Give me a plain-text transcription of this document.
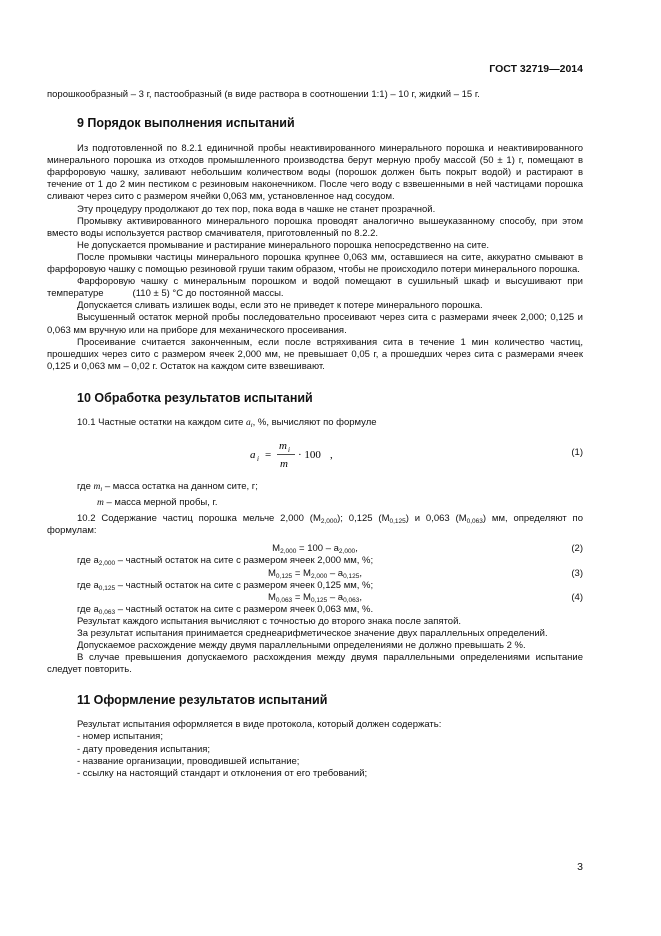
ГОСТ 32719—2014

порошкообразный – 3 г, пастообразный (в виде раствора в соотношении 1:1) – 10 г, жидкий – 15 г.

9 Порядок выполнения испытаний

Из подготовленной по 8.2.1 единичной пробы неактивированного минерального порошка и неактивированного минерального порошка из отходов промышленного производства берут мерную пробу массой (50 ± 1) г, помещают в фарфоровую чашку, заливают небольшим количеством воды (порошок должен быть покрыт водой) и растирают в течение от 1 до 2 мин пестиком с резиновым наконечником. После чего воду с взвешенными в ней частицами порошка сливают через сито с размером ячейки 0,063 мм, установленное над сосудом.

Эту процедуру продолжают до тех пор, пока вода в чашке не станет прозрачной.

Промывку активированного минерального порошка проводят аналогично вышеуказанному способу, при этом вместо воды используется раствор смачивателя, приготовленный по 8.2.2.

Не допускается промывание и растирание минерального порошка непосредственно на сите.

После промывки частицы минерального порошка крупнее 0,063 мм, оставшиеся на сите, аккуратно смывают в фарфоровую чашку с помощью резиновой груши таким образом, чтобы не происходило потери минерального порошка.

Фарфоровую чашку с минеральным порошком и водой помещают в сушильный шкаф и высушивают при температуре           (110 ± 5) °С до постоянной массы.

Допускается сливать излишек воды, если это не приведет к потере минерального порошка.

Высушенный остаток мерной пробы последовательно просеивают через сита с размерами ячеек 2,000; 0,125 и 0,063 мм вручную или на приборе для механического просеивания.

Просеивание считается законченным, если после встряхивания сита в течение 1 мин количество частиц, прошедших через сито с размером ячеек 2,000 мм, не превышает 0,05 г, а прошедших через сита с размерами ячеек 0,125 и 0,063 мм – 0,02 г. Остаток на каждом сите взвешивают.

10 Обработка результатов испытаний

10.1 Частные остатки на каждом сите $a_i$, %, вычисляют по формуле

a i =
m i
m
· 100 ,	(1)

где $m_i$ – масса остатка на данном сите, г;

m – масса мерной пробы, г.

10.2 Содержание частиц порошка мельче 2,000 $(М_{2,000})$; 0,125 $(М_{0,125})$ и 0,063 $(М_{0,063})$ мм, определяют по формулам:

$M_{2,000} = 100 - a_{2,000}$,	(2)

где $a_{2,000}$ – частный остаток на сите с размером ячеек 2,000 мм, %;

$M_{0,125} = M_{2,000} - a_{0,125}$,	(3)

где $a_{0,125}$ – частный остаток на сите с размером ячеек 0,125 мм, %;

$M_{0,063} = M_{0,125} - a_{0,063}$,	(4)

где $a_{0,063}$ – частный остаток на сите с размером ячеек 0,063 мм, %.

Результат каждого испытания вычисляют с точностью до второго знака после запятой.

За результат испытания принимается среднеарифметическое значение двух параллельных определений.

Допускаемое расхождение между двумя параллельными определениями не должно превышать 2 %.

В случае превышения допускаемого расхождения между двумя параллельными определениями испытание следует повторить.

11 Оформление результатов испытаний

Результат испытания оформляется в виде протокола, который должен содержать:

- номер испытания;

- дату проведения испытания;

- название организации, проводившей испытание;

- ссылку на настоящий стандарт и отклонения от его требований;

3
